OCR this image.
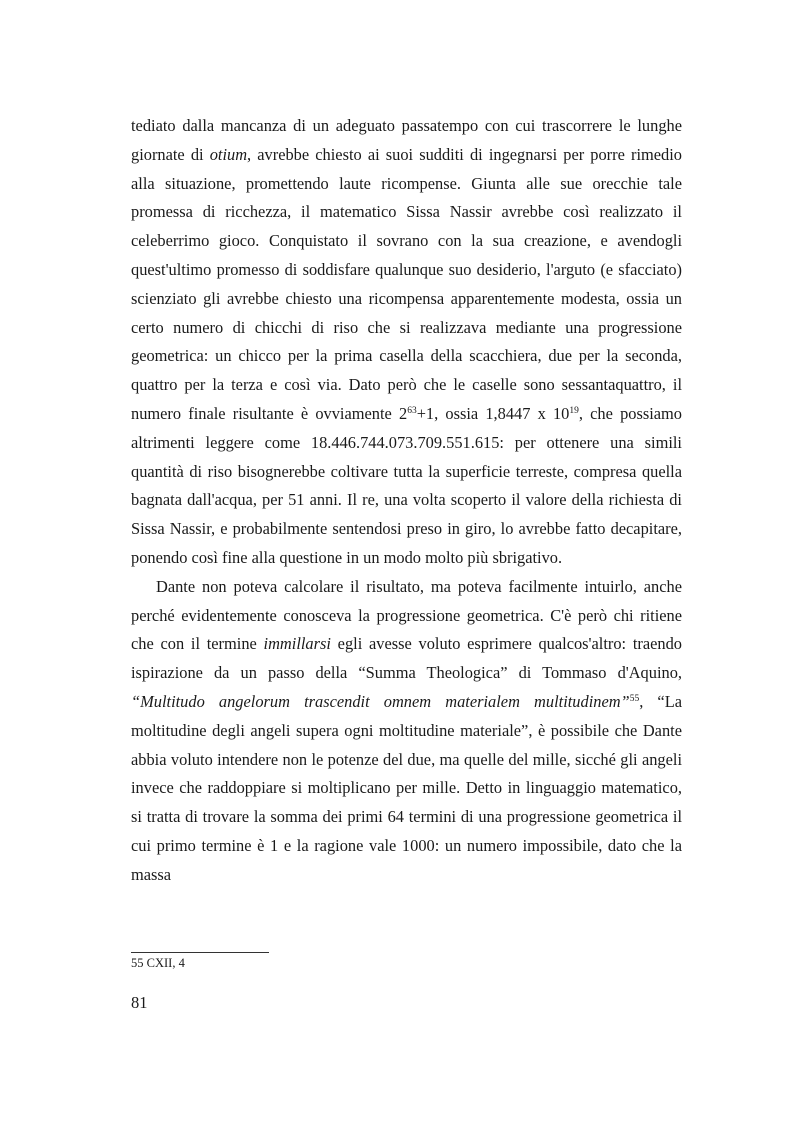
tediato dalla mancanza di un adeguato passatempo con cui trascorrere le lunghe giornate di otium, avrebbe chiesto ai suoi sudditi di ingegnarsi per porre rimedio alla situazione, promettendo laute ricompense. Giunta alle sue orecchie tale promessa di ricchezza, il matematico Sissa Nassir avrebbe così realizzato il celeberrimo gioco. Conquistato il sovrano con la sua creazione, e avendogli quest'ultimo promesso di soddisfare qualunque suo desiderio, l'arguto (e sfacciato) scienziato gli avrebbe chiesto una ricompensa apparentemente modesta, ossia un certo numero di chicchi di riso che si realizzava mediante una progressione geometrica: un chicco per la prima casella della scacchiera, due per la seconda, quattro per la terza e così via. Dato però che le caselle sono sessantaquattro, il numero finale risultante è ovviamente $2^{63}+1$, ossia 1,8447 x $10^{19}$, che possiamo altrimenti leggere come 18.446.744.073.709.551.615: per ottenere una simili quantità di riso bisognerebbe coltivare tutta la superficie terreste, compresa quella bagnata dall'acqua, per 51 anni. Il re, una volta scoperto il valore della richiesta di Sissa Nassir, e probabilmente sentendosi preso in giro, lo avrebbe fatto decapitare, ponendo così fine alla questione in un modo molto più sbrigativo.

Dante non poteva calcolare il risultato, ma poteva facilmente intuirlo, anche perché evidentemente conosceva la progressione geometrica. C'è però chi ritiene che con il termine immillarsi egli avesse voluto esprimere qualcos'altro: traendo ispirazione da un passo della “Summa Theologica” di Tommaso d'Aquino, “Multitudo angelorum trascendit omnem materialem multitudinem”$^{55}$, “La moltitudine degli angeli supera ogni moltitudine materiale”, è possibile che Dante abbia voluto intendere non le potenze del due, ma quelle del mille, sicché gli angeli invece che raddoppiare si moltiplicano per mille. Detto in linguaggio matematico, si tratta di trovare la somma dei primi 64 termini di una progressione geometrica il cui primo termine è 1 e la ragione vale 1000: un numero impossibile, dato che la massa

55 CXII, 4
81
